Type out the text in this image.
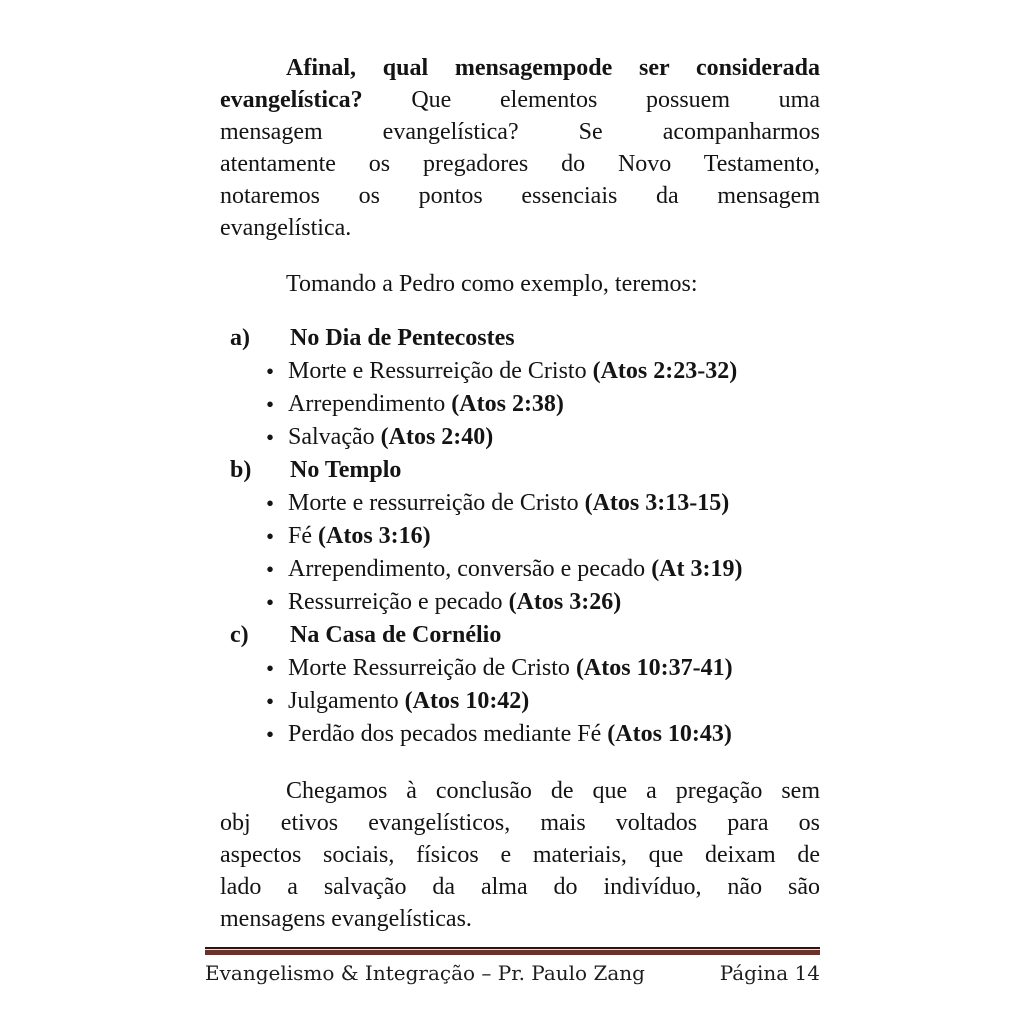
Afinal, qual mensagempode ser considerada
evangelística? Que elementos possuem uma
mensagem evangelística? Se acompanharmos
atentamente os pregadores do Novo Testamento,
notaremos os pontos essenciais da mensagem
evangelística.
Tomando a Pedro como exemplo, teremos:
a) No Dia de Pentecostes
• Morte e Ressurreição de Cristo (Atos 2:23-32)
• Arrependimento (Atos 2:38)
• Salvação (Atos 2:40)
b) No Templo
• Morte e ressurreição de Cristo (Atos 3:13-15)
• Fé (Atos 3:16)
• Arrependimento, conversão e pecado (At 3:19)
• Ressurreição e pecado (Atos 3:26)
c) Na Casa de Cornélio
• Morte Ressurreição de Cristo (Atos 10:37-41)
• Julgamento (Atos 10:42)
• Perdão dos pecados mediante Fé (Atos 10:43)
Chegamos à conclusão de que a pregação sem
obj etivos evangelísticos, mais voltados para os
aspectos sociais, físicos e materiais, que deixam de
lado a salvação da alma do indivíduo, não são
mensagens evangelísticas.
Evangelismo & Integração – Pr. Paulo Zang	Página 14
